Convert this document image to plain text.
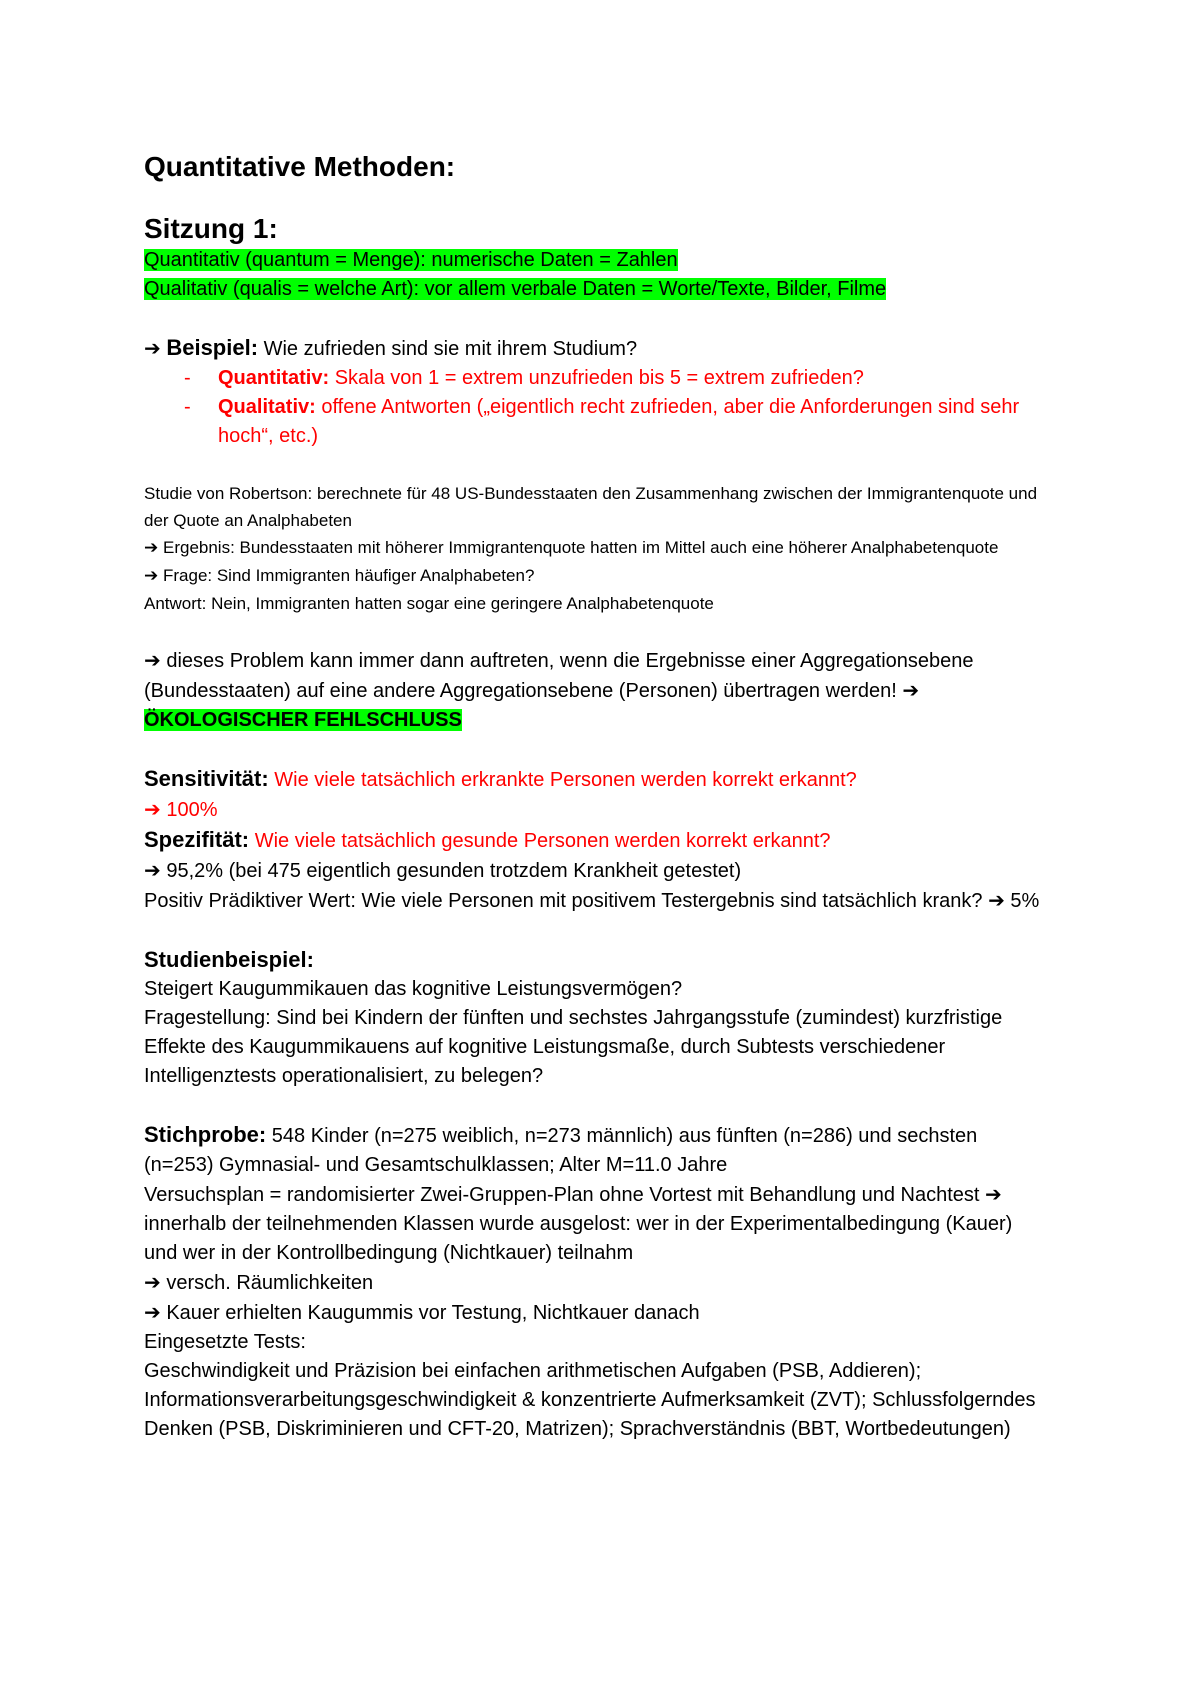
Quantitative Methoden:
Sitzung 1:
Quantitativ (quantum = Menge): numerische Daten = Zahlen
Qualitativ (qualis = welche Art): vor allem verbale Daten = Worte/Texte, Bilder, Filme
➔ Beispiel: Wie zufrieden sind sie mit ihrem Studium?
- Quantitativ: Skala von 1 = extrem unzufrieden bis 5 = extrem zufrieden?
- Qualitativ: offene Antworten („eigentlich recht zufrieden, aber die Anforderungen sind sehr hoch“, etc.)
Studie von Robertson: berechnete für 48 US-Bundesstaaten den Zusammenhang zwischen der Immigrantenquote und der Quote an Analphabeten
➔ Ergebnis: Bundesstaaten mit höherer Immigrantenquote hatten im Mittel auch eine höherer Analphabetenquote
➔ Frage: Sind Immigranten häufiger Analphabeten?
Antwort: Nein, Immigranten hatten sogar eine geringere Analphabetenquote
➔ dieses Problem kann immer dann auftreten, wenn die Ergebnisse einer Aggregationsebene (Bundesstaaten) auf eine andere Aggregationsebene (Personen) übertragen werden! ➔ ÖKOLOGISCHER FEHLSCHLUSS
Sensitivität: Wie viele tatsächlich erkrankte Personen werden korrekt erkannt?
➔ 100%
Spezifität: Wie viele tatsächlich gesunde Personen werden korrekt erkannt?
➔ 95,2% (bei 475 eigentlich gesunden trotzdem Krankheit getestet)
Positiv Prädiktiver Wert: Wie viele Personen mit positivem Testergebnis sind tatsächlich krank? ➔ 5%
Studienbeispiel:
Steigert Kaugummikauen das kognitive Leistungsvermögen?
Fragestellung: Sind bei Kindern der fünften und sechstes Jahrgangsstufe (zumindest) kurzfristige Effekte des Kaugummikauens auf kognitive Leistungsmaße, durch Subtests verschiedener Intelligenztests operationalisiert, zu belegen?
Stichprobe: 548 Kinder (n=275 weiblich, n=273 männlich) aus fünften (n=286) und sechsten (n=253) Gymnasial- und Gesamtschulklassen; Alter M=11.0 Jahre
Versuchsplan = randomisierter Zwei-Gruppen-Plan ohne Vortest mit Behandlung und Nachtest ➔ innerhalb der teilnehmenden Klassen wurde ausgelost: wer in der Experimentalbedingung (Kauer) und wer in der Kontrollbedingung (Nichtkauer) teilnahm
➔ versch. Räumlichkeiten
➔ Kauer erhielten Kaugummis vor Testung, Nichtkauer danach
Eingesetzte Tests:
Geschwindigkeit und Präzision bei einfachen arithmetischen Aufgaben (PSB, Addieren); Informationsverarbeitungsgeschwindigkeit & konzentrierte Aufmerksamkeit (ZVT); Schlussfolgerndes Denken (PSB, Diskriminieren und CFT-20, Matrizen); Sprachverständnis (BBT, Wortbedeutungen)
